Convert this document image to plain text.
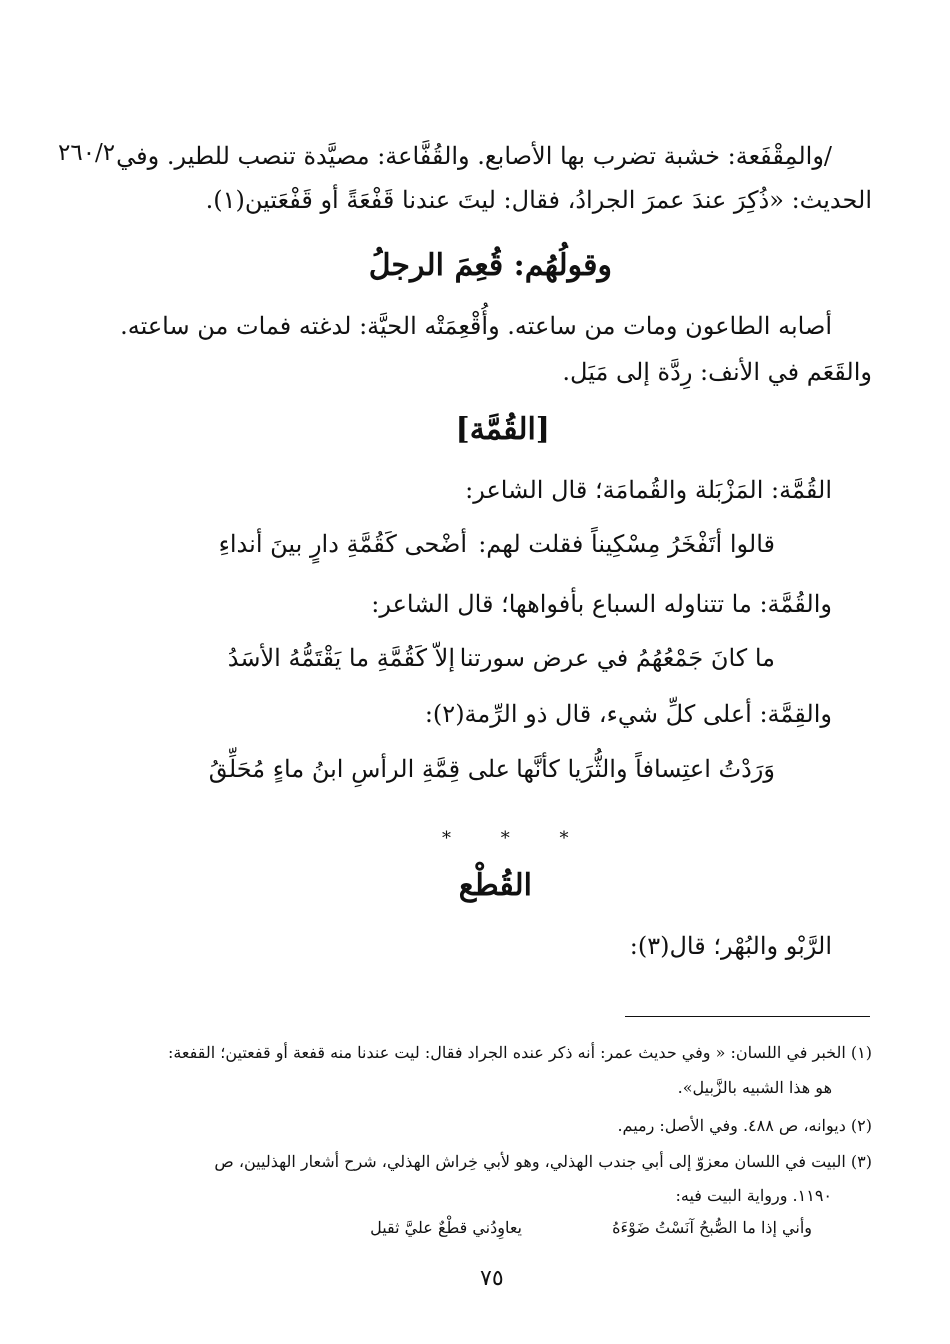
٢٦٠/٢ /والمِقْفَعة: خشبة تضرب بها الأصابع. والقُفَّاعة: مصيَّدة تنصب للطير. وفي
الحديث: «ذُكِرَ عندَ عمرَ الجرادُ، فقال: ليتَ عندنا قَفْعَةً أو قَفْعَتين(١).
وقولُهُم: قُعِمَ الرجلُ
أصابه الطاعون ومات من ساعته. وأُقْعِمَتْه الحيَّة: لدغته فمات من ساعته.
والقَعَم في الأنف: رِدَّة إلى مَيَل.
[القُمَّة]
القُمَّة: المَزْبَلة والقُمامَة؛ قال الشاعر:
قالوا أتَفْخَرُ مِسْكِيناً فقلت لهم:
أضْحى كَقُمَّةِ دارٍ بينَ أنداءِ
والقُمَّة: ما تتناوله السباع بأفواهها؛ قال الشاعر:
ما كانَ جَمْعُهُمُ في عرض سورتنا
إلاّ كَقُمَّةِ ما يَقْتَمُّهُ الأسَدُ
والقِمَّة: أعلى كلِّ شيء، قال ذو الرِّمة(٢):
وَرَدْتُ اعتِسافاً والثُّرَيا كأنَّها
على قِمَّةِ الرأسِ ابنُ ماءٍ مُحَلِّقُ
* * *
القُطْع
الرَّبْو والبُهْر؛ قال(٣):
(١) الخبر في اللسان: « وفي حديث عمر: أنه ذكر عنده الجراد فقال: ليت عندنا منه قفعة أو قفعتين؛ القفعة:
هو هذا الشبيه بالزَّبيل».
(٢) ديوانه، ص ٤٨٨. وفي الأصل: رميم.
(٣) البيت في اللسان معزوّ إلى أبي جندب الهذلي، وهو لأبي خِراش الهذلي، شرح أشعار الهذليين، ص
١١٩٠. ورواية البيت فيه:
وأني إذا ما الصُّبحُ آنَسْتُ ضَوْءَهُ
يعاوِدُني قطْعٌ عليَّ ثقيل
٧٥
